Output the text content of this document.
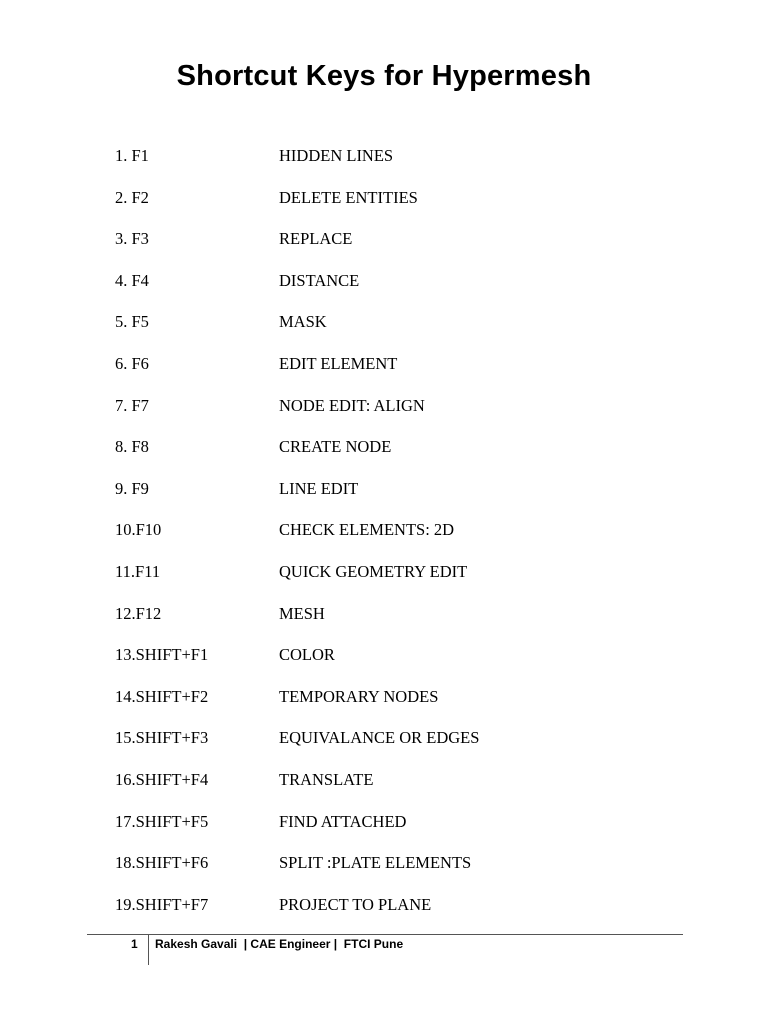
Shortcut Keys for Hypermesh
1. F1	HIDDEN LINES
2. F2	DELETE ENTITIES
3. F3	REPLACE
4. F4	DISTANCE
5. F5	MASK
6. F6	EDIT ELEMENT
7. F7	NODE EDIT: ALIGN
8. F8	CREATE NODE
9. F9	LINE EDIT
10.F10	CHECK ELEMENTS: 2D
11.F11	QUICK GEOMETRY EDIT
12.F12	MESH
13.SHIFT+F1	COLOR
14.SHIFT+F2	TEMPORARY NODES
15.SHIFT+F3	EQUIVALANCE OR EDGES
16.SHIFT+F4	TRANSLATE
17.SHIFT+F5	FIND ATTACHED
18.SHIFT+F6	SPLIT :PLATE ELEMENTS
19.SHIFT+F7	PROJECT TO PLANE
1 Rakesh Gavali  | CAE Engineer |  FTCI Pune
